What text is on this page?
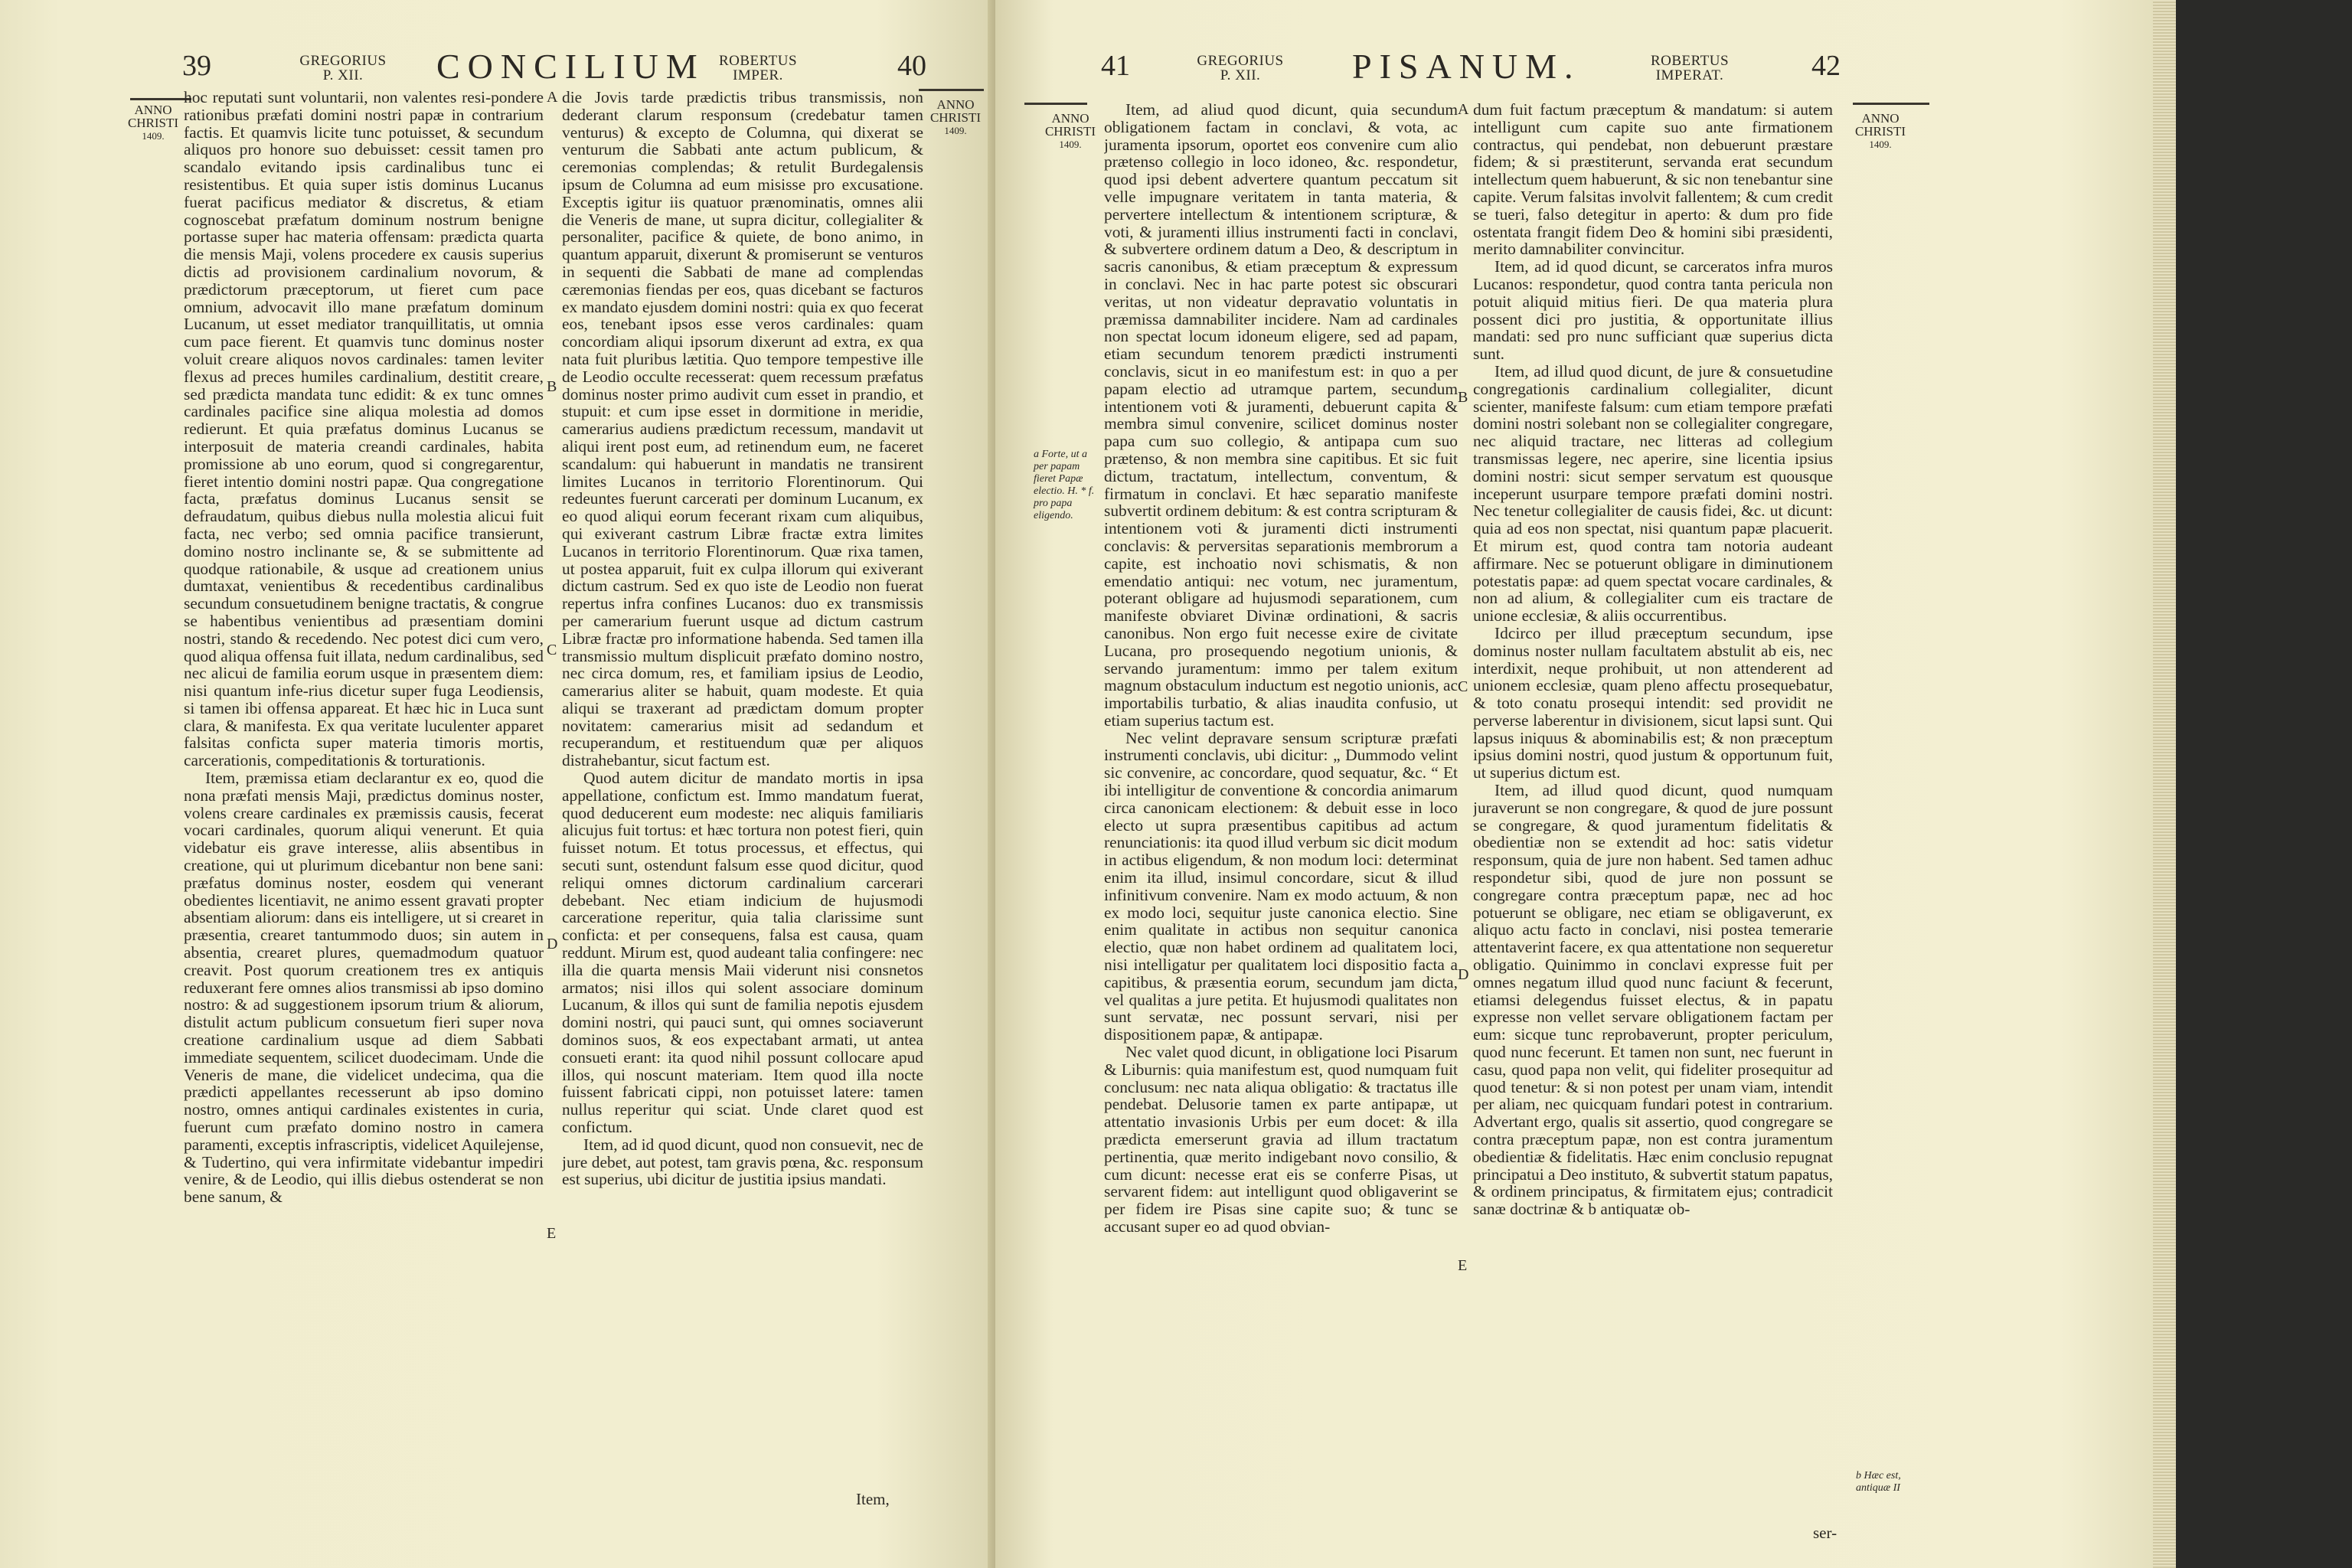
39	GREGORIUS
P. XII.	CONCILIUM ROBERTUS
IMPER.	40
ANNO
CHRISTI
1409.
ANNO
CHRISTI
1409.

hoc reputati sunt voluntarii, non valentes resi-pondere rationibus præfati domini nostri papæ in contrarium factis. Et quamvis licite tunc potuisset, & secundum aliquos pro honore suo debuisset: cessit tamen pro scandalo evitando ipsis cardinalibus tunc ei resistentibus. Et quia super istis dominus Lucanus fuerat pacificus mediator & discretus, & etiam cognoscebat præfatum dominum nostrum benigne portasse super hac materia offensam: prædicta quarta die mensis Maji, volens procedere ex causis superius dictis ad provisionem cardinalium novorum, & prædictorum præceptorum, ut fieret cum pace omnium, advocavit illo mane præfatum dominum Lucanum, ut esset mediator tranquillitatis, ut omnia cum pace fierent. Et quamvis tunc dominus noster voluit creare aliquos novos cardinales: tamen leviter flexus ad preces humiles cardinalium, destitit creare, sed prædicta mandata tunc edidit: & ex tunc omnes cardinales pacifice sine aliqua molestia ad domos redierunt. Et quia præfatus dominus Lucanus se interposuit de materia creandi cardinales, habita promissione ab uno eorum, quod si congregarentur, fieret intentio domini nostri papæ. Qua congregatione facta, præfatus dominus Lucanus sensit se defraudatum, quibus diebus nulla molestia alicui fuit facta, nec verbo; sed omnia pacifice transierunt, domino nostro inclinante se, & se submittente ad quodque rationabile, & usque ad creationem unius dumtaxat, venientibus & recedentibus cardinalibus secundum consuetudinem benigne tractatis, & congrue se habentibus venientibus ad præsentiam domini nostri, stando & recedendo. Nec potest dici cum vero, quod aliqua offensa fuit illata, nedum cardinalibus, sed nec alicui de familia eorum usque in præsentem diem: nisi quantum infe-rius dicetur super fuga Leodiensis, si tamen ibi offensa appareat. Et hæc hic in Luca sunt clara, & manifesta. Ex qua veritate luculenter apparet falsitas conficta super materia timoris mortis, carcerationis, compeditationis & torturationis.

Item, præmissa etiam declarantur ex eo, quod die nona præfati mensis Maji, prædictus dominus noster, volens creare cardinales ex præmissis causis, fecerat vocari cardinales, quorum aliqui venerunt. Et quia videbatur eis grave interesse, aliis absentibus in creatione, qui ut plurimum dicebantur non bene sani: præfatus dominus noster, eosdem qui venerant obedientes licentiavit, ne animo essent gravati propter absentiam aliorum: dans eis intelligere, ut si crearet in præsentia, crearet tantummodo duos; sin autem in absentia, crearet plures, quemadmodum quatuor creavit. Post quorum creationem tres ex antiquis reduxerant fere omnes alios transmissi ab ipso domino nostro: & ad suggestionem ipsorum trium & aliorum, distulit actum publicum consuetum fieri super nova creatione cardinalium usque ad diem Sabbati immediate sequentem, scilicet duodecimam. Unde die Veneris de mane, die videlicet undecima, qua die prædicti appellantes recesserunt ab ipso domino nostro, omnes antiqui cardinales existentes in curia, fuerunt cum præfato domino nostro in camera paramenti, exceptis infrascriptis, videlicet Aquilejense, & Tudertino, qui vera infirmitate videbantur impediri venire, & de Leodio, qui illis diebus ostenderat se non bene sanum, &

A
B
C
D
E

die Jovis tarde prædictis tribus transmissis, non dederant clarum responsum (credebatur tamen venturus) & excepto de Columna, qui dixerat se venturum die Sabbati ante actum publicum, & ceremonias complendas; & retulit Burdegalensis ipsum de Columna ad eum misisse pro excusatione. Exceptis igitur iis quatuor prænominatis, omnes alii die Veneris de mane, ut supra dicitur, collegialiter & personaliter, pacifice & quiete, de bono animo, in quantum apparuit, dixerunt & promiserunt se venturos in sequenti die Sabbati de mane ad complendas cæremonias fiendas per eos, quas dicebant se facturos ex mandato ejusdem domini nostri: quia ex quo fecerat eos, tenebant ipsos esse veros cardinales: quam concordiam aliqui ipsorum dixerunt ad extra, ex qua nata fuit pluribus lætitia. Quo tempore tempestive ille de Leodio occulte recesserat: quem recessum præfatus dominus noster primo audivit cum esset in prandio, et stupuit: et cum ipse esset in dormitione in meridie, camerarius audiens prædictum recessum, mandavit ut aliqui irent post eum, ad retinendum eum, ne faceret scandalum: qui habuerunt in mandatis ne transirent limites Lucanos in territorio Florentinorum. Qui redeuntes fuerunt carcerati per dominum Lucanum, ex eo quod aliqui eorum fecerant rixam cum aliquibus, qui exiverant castrum Libræ fractæ extra limites Lucanos in territorio Florentinorum. Quæ rixa tamen, ut postea apparuit, fuit ex culpa illorum qui exiverant dictum castrum. Sed ex quo iste de Leodio non fuerat repertus infra confines Lucanos: duo ex transmissis per camerarium fuerunt usque ad dictum castrum Libræ fractæ pro informatione habenda. Sed tamen illa transmissio multum displicuit præfato domino nostro, nec circa domum, res, et familiam ipsius de Leodio, camerarius aliter se habuit, quam modeste. Et quia aliqui se traxerant ad prædictam domum propter novitatem: camerarius misit ad sedandum et recuperandum, et restituendum quæ per aliquos distrahebantur, sicut factum est.

Quod autem dicitur de mandato mortis in ipsa appellatione, confictum est. Immo mandatum fuerat, quod deducerent eum modeste: nec aliquis familiaris alicujus fuit tortus: et hæc tortura non potest fieri, quin fuisset notum. Et totus processus, et effectus, qui secuti sunt, ostendunt falsum esse quod dicitur, quod reliqui omnes dictorum cardinalium carcerari debebant. Nec etiam indicium de hujusmodi carceratione reperitur, quia talia clarissime sunt conficta: et per consequens, falsa est causa, quam reddunt. Mirum est, quod audeant talia confingere: nec illa die quarta mensis Maii viderunt nisi consnetos armatos; nisi illos qui solent associare dominum Lucanum, & illos qui sunt de familia nepotis ejusdem domini nostri, qui pauci sunt, qui omnes sociaverunt dominos suos, & eos expectabant armati, ut antea consueti erant: ita quod nihil possunt collocare apud illos, qui noscunt materiam. Item quod illa nocte fuissent fabricati cippi, non potuisset latere: tamen nullus reperitur qui sciat. Unde claret quod est confictum.

Item, ad id quod dicunt, quod non consuevit, nec de jure debet, aut potest, tam gravis pœna, &c. responsum est superius, ubi dicitur de justitia ipsius mandati.

Item,
41	GREGORIUS
P. XII.	PISANUM.	ROBERTUS
IMPERAT.	42
ANNO
CHRISTI
1409.
ANNO
CHRISTI
1409.
a Forte, ut a per papam fieret Papæ electio. H. * f. pro papa eligendo.

Item, ad aliud quod dicunt, quia secundum obligationem factam in conclavi, & vota, ac juramenta ipsorum, oportet eos convenire cum alio prætenso collegio in loco idoneo, &c. respondetur, quod ipsi debent advertere quantum peccatum sit velle impugnare veritatem in tanta materia, & pervertere intellectum & intentionem scripturæ, & voti, & juramenti illius instrumenti facti in conclavi, & subvertere ordinem datum a Deo, & descriptum in sacris canonibus, & etiam præceptum & expressum in conclavi. Nec in hac parte potest sic obscurari veritas, ut non videatur depravatio voluntatis in præmissa damnabiliter incidere. Nam ad cardinales non spectat locum idoneum eligere, sed ad papam, etiam secundum tenorem prædicti instrumenti conclavis, sicut in eo manifestum est: in quo a per papam electio ad utramque partem, secundum intentionem voti & juramenti, debuerunt capita & membra simul convenire, scilicet dominus noster papa cum suo collegio, & antipapa cum suo prætenso, & non membra sine capitibus. Et sic fuit dictum, tractatum, intellectum, conventum, & firmatum in conclavi. Et hæc separatio manifeste subvertit ordinem debitum: & est contra scripturam & intentionem voti & juramenti dicti instrumenti conclavis: & perversitas separationis membrorum a capite, est inchoatio novi schismatis, & non emendatio antiqui: nec votum, nec juramentum, poterant obligare ad hujusmodi separationem, cum manifeste obviaret Divinæ ordinationi, & sacris canonibus. Non ergo fuit necesse exire de civitate Lucana, pro prosequendo negotium unionis, & servando juramentum: immo per talem exitum magnum obstaculum inductum est negotio unionis, ac importabilis turbatio, & alias inaudita confusio, ut etiam superius tactum est.

Nec velint depravare sensum scripturæ præfati instrumenti conclavis, ubi dicitur: „ Dummodo velint sic convenire, ac concordare, quod sequatur, &c. “ Et ibi intelligitur de conventione & concordia animarum circa canonicam electionem: & debuit esse in loco electo ut supra præsentibus capitibus ad actum renunciationis: ita quod illud verbum sic dicit modum in actibus eligendum, & non modum loci: determinat enim ita illud, insimul concordare, sicut & illud infinitivum convenire. Nam ex modo actuum, & non ex modo loci, sequitur juste canonica electio. Sine enim qualitate in actibus non sequitur canonica electio, quæ non habet ordinem ad qualitatem loci, nisi intelligatur per qualitatem loci dispositio facta a capitibus, & præsentia eorum, secundum jam dicta, vel qualitas a jure petita. Et hujusmodi qualitates non sunt servatæ, nec possunt servari, nisi per dispositionem papæ, & antipapæ.

Nec valet quod dicunt, in obligatione loci Pisarum & Liburnis: quia manifestum est, quod numquam fuit conclusum: nec nata aliqua obligatio: & tractatus ille pendebat. Delusorie tamen ex parte antipapæ, ut attentatio invasionis Urbis per eum docet: & illa prædicta emerserunt gravia ad illum tractatum pertinentia, quæ merito indigebant novo consilio, & cum dicunt: necesse erat eis se conferre Pisas, ut servarent fidem: aut intelligunt quod obligaverint se per fidem ire Pisas sine capite suo; & tunc se accusant super eo ad quod obvian-

A
B
C
D
E

dum fuit factum præceptum & mandatum: si autem intelligunt cum capite suo ante firmationem contractus, qui pendebat, non debuerunt præstare fidem; & si præstiterunt, servanda erat secundum intellectum quem habuerunt, & sic non tenebantur sine capite. Verum falsitas involvit fallentem; & cum credit se tueri, falso detegitur in aperto: & dum pro fide ostentata frangit fidem Deo & homini sibi præsidenti, merito damnabiliter convincitur.

Item, ad id quod dicunt, se carceratos infra muros Lucanos: respondetur, quod contra tanta pericula non potuit aliquid mitius fieri. De qua materia plura possent dici pro justitia, & opportunitate illius mandati: sed pro nunc sufficiant quæ superius dicta sunt.

Item, ad illud quod dicunt, de jure & consuetudine congregationis cardinalium collegialiter, dicunt scienter, manifeste falsum: cum etiam tempore præfati domini nostri solebant non se collegialiter congregare, nec aliquid tractare, nec litteras ad collegium transmissas legere, nec aperire, sine licentia ipsius domini nostri: sicut semper servatum est quousque inceperunt usurpare tempore præfati domini nostri. Nec tenetur collegialiter de causis fidei, &c. ut dicunt: quia ad eos non spectat, nisi quantum papæ placuerit. Et mirum est, quod contra tam notoria audeant affirmare. Nec se potuerunt obligare in diminutionem potestatis papæ: ad quem spectat vocare cardinales, & non ad alium, & collegialiter cum eis tractare de unione ecclesiæ, & aliis occurrentibus.

Idcirco per illud præceptum secundum, ipse dominus noster nullam facultatem abstulit ab eis, nec interdixit, neque prohibuit, ut non attenderent ad unionem ecclesiæ, quam pleno affectu prosequebatur, & toto conatu prosequi intendit: sed providit ne perverse laberentur in divisionem, sicut lapsi sunt. Qui lapsus iniquus & abominabilis est; & non præceptum ipsius domini nostri, quod justum & opportunum fuit, ut superius dictum est.

Item, ad illud quod dicunt, quod numquam juraverunt se non congregare, & quod de jure possunt se congregare, & quod juramentum fidelitatis & obedientiæ non se extendit ad hoc: satis videtur responsum, quia de jure non habent. Sed tamen adhuc respondetur sibi, quod de jure non possunt se congregare contra præceptum papæ, nec ad hoc potuerunt se obligare, nec etiam se obligaverunt, ex aliquo actu facto in conclavi, nisi postea temerarie attentaverint facere, ex qua attentatione non sequeretur obligatio. Quinimmo in conclavi expresse fuit per omnes negatum illud quod nunc faciunt & fecerunt, etiamsi delegendus fuisset electus, & in papatu expresse non vellet servare obligationem factam per eum: sicque tunc reprobaverunt, propter periculum, quod nunc fecerunt. Et tamen non sunt, nec fuerunt in casu, quod papa non velit, qui fideliter prosequitur ad quod tenetur: & si non potest per unam viam, intendit per aliam, nec quicquam fundari potest in contrarium. Advertant ergo, qualis sit assertio, quod congregare se contra præceptum papæ, non est contra juramentum obedientiæ & fidelitatis. Hæc enim conclusio repugnat principatui a Deo instituto, & subvertit statum papatus, & ordinem principatus, & firmitatem ejus; contradicit sanæ doctrinæ & b antiquatæ ob-

b Hæc est, antiquæ II
ser-
